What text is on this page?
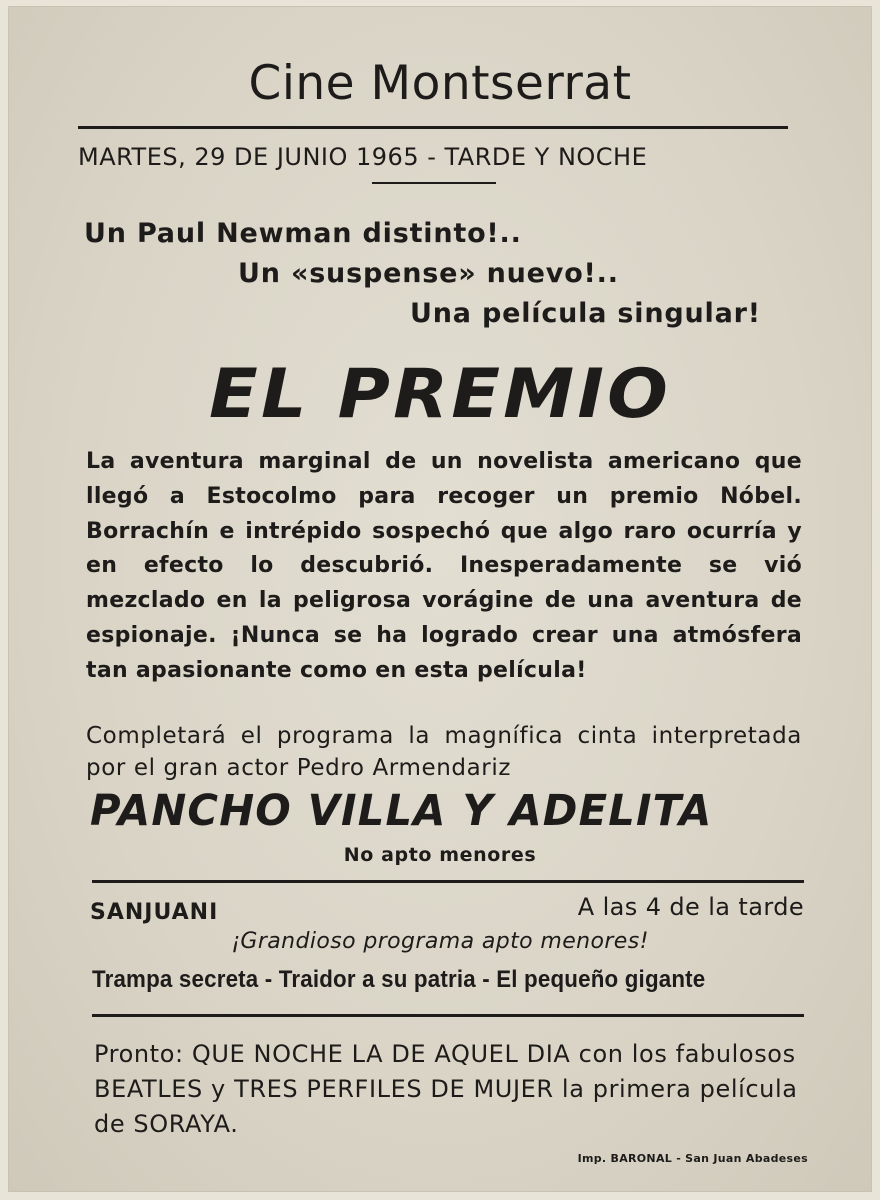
Cine Montserrat
MARTES, 29 DE JUNIO 1965 - TARDE Y NOCHE
Un Paul Newman distinto!..
Un «suspense» nuevo!..
Una película singular!
EL PREMIO
La aventura marginal de un novelista americano que llegó a Estocolmo para recoger un premio Nóbel. Borrachín e intrépido sospechó que algo raro ocurría y en efecto lo descubrió. Inesperadamente se vió mezclado en la peligrosa vorágine de una aventura de espionaje. ¡Nunca se ha logrado crear una atmósfera tan apasionante como en esta película!
Completará el programa la magnífica cinta interpretada por el gran actor Pedro Armendariz
PANCHO VILLA Y ADELITA
No apto menores
SANJUANI	A las 4 de la tarde
¡Grandioso programa apto menores!
Trampa secreta - Traidor a su patria - El pequeño gigante
Pronto: QUE NOCHE LA DE AQUEL DIA con los fabulosos BEATLES y TRES PERFILES DE MUJER la primera película de SORAYA.
Imp. BARONAL - San Juan Abadeses
